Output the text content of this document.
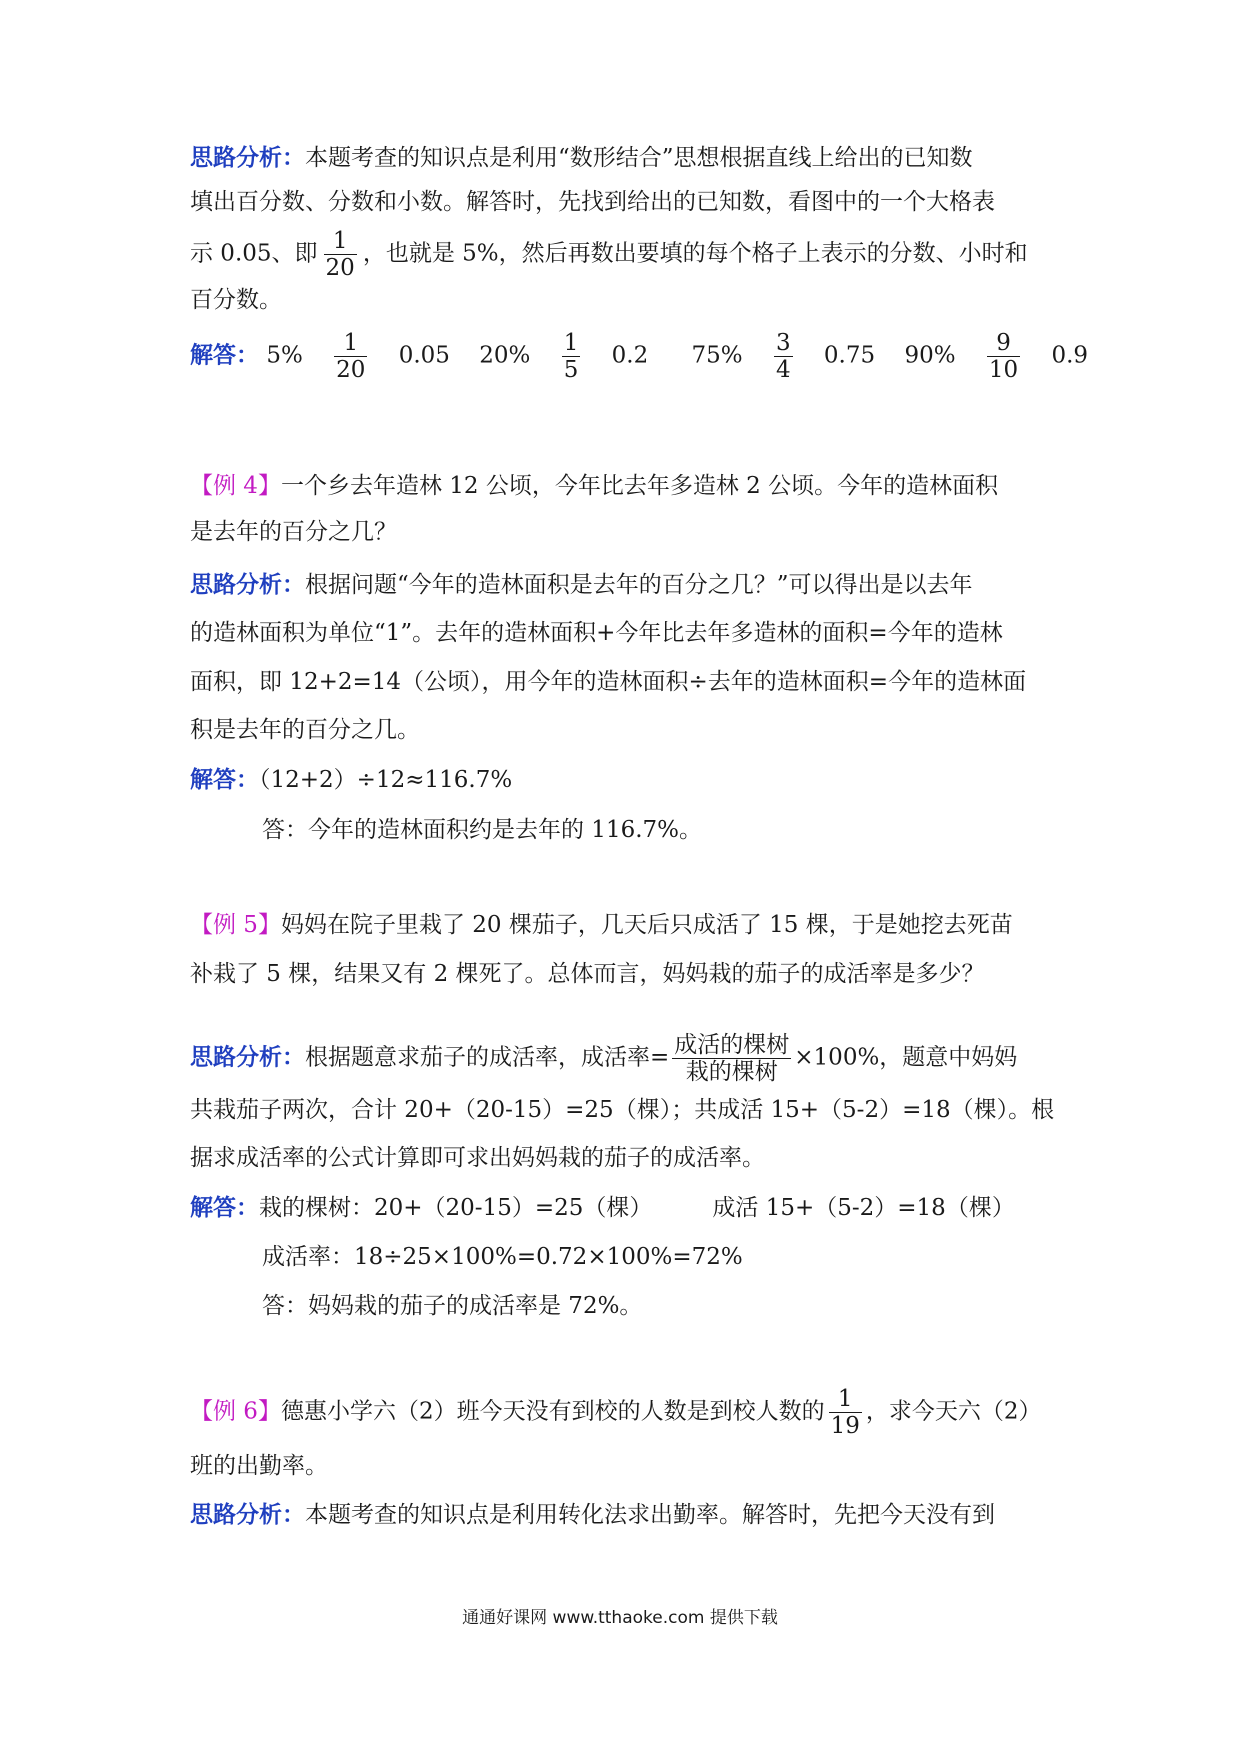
思路分析：本题考查的知识点是利用“数形结合”思想根据直线上给出的已知数
填出百分数、分数和小数。解答时，先找到给出的已知数，看图中的一个大格表
示 0.05、即 $\frac{1}{20}$ ，也就是 5%，然后再数出要填的每个格子上表示的分数、小时和
百分数。
解答： $5\% \frac{1}{20} 0.05$ $20\% \frac{1}{5} 0.2$ $75\% \frac{3}{4} 0.75$ $90\% \frac{9}{10} 0.9$
【例 4】一个乡去年造林 12 公顷，今年比去年多造林 2 公顷。今年的造林面积
是去年的百分之几？
思路分析：根据问题“今年的造林面积是去年的百分之几？”可以得出是以去年
的造林面积为单位“1”。去年的造林面积+今年比去年多造林的面积=今年的造林
面积，即 12+2=14（公顷），用今年的造林面积÷去年的造林面积=今年的造林面
积是去年的百分之几。
解答：（12+2）÷12≈116.7%
答：今年的造林面积约是去年的 116.7%。
【例 5】妈妈在院子里栽了 20 棵茄子，几天后只成活了 15 棵，于是她挖去死苗
补栽了 5 棵，结果又有 2 棵死了。总体而言，妈妈栽的茄子的成活率是多少？
思路分析：根据题意求茄子的成活率，成活率= $\frac{\text{成活的棵树}}{\text{栽的棵树}} \times 100\%$，题意中妈妈
共栽茄子两次，合计 20+（20-15）=25（棵）；共成活 15+（5-2）=18（棵）。根
据求成活率的公式计算即可求出妈妈栽的茄子的成活率。
解答：栽的棵树：20+（20-15）=25（棵）	成活 15+（5-2）=18（棵）
成活率：18÷25×100%=0.72×100%=72%
答：妈妈栽的茄子的成活率是 72%。
【例 6】德惠小学六（2）班今天没有到校的人数是到校人数的 $\frac{1}{19}$ ，求今天六（2）
班的出勤率。
思路分析：本题考查的知识点是利用转化法求出勤率。解答时，先把今天没有到
通通好课网 www.tthaoke.com 提供下载
